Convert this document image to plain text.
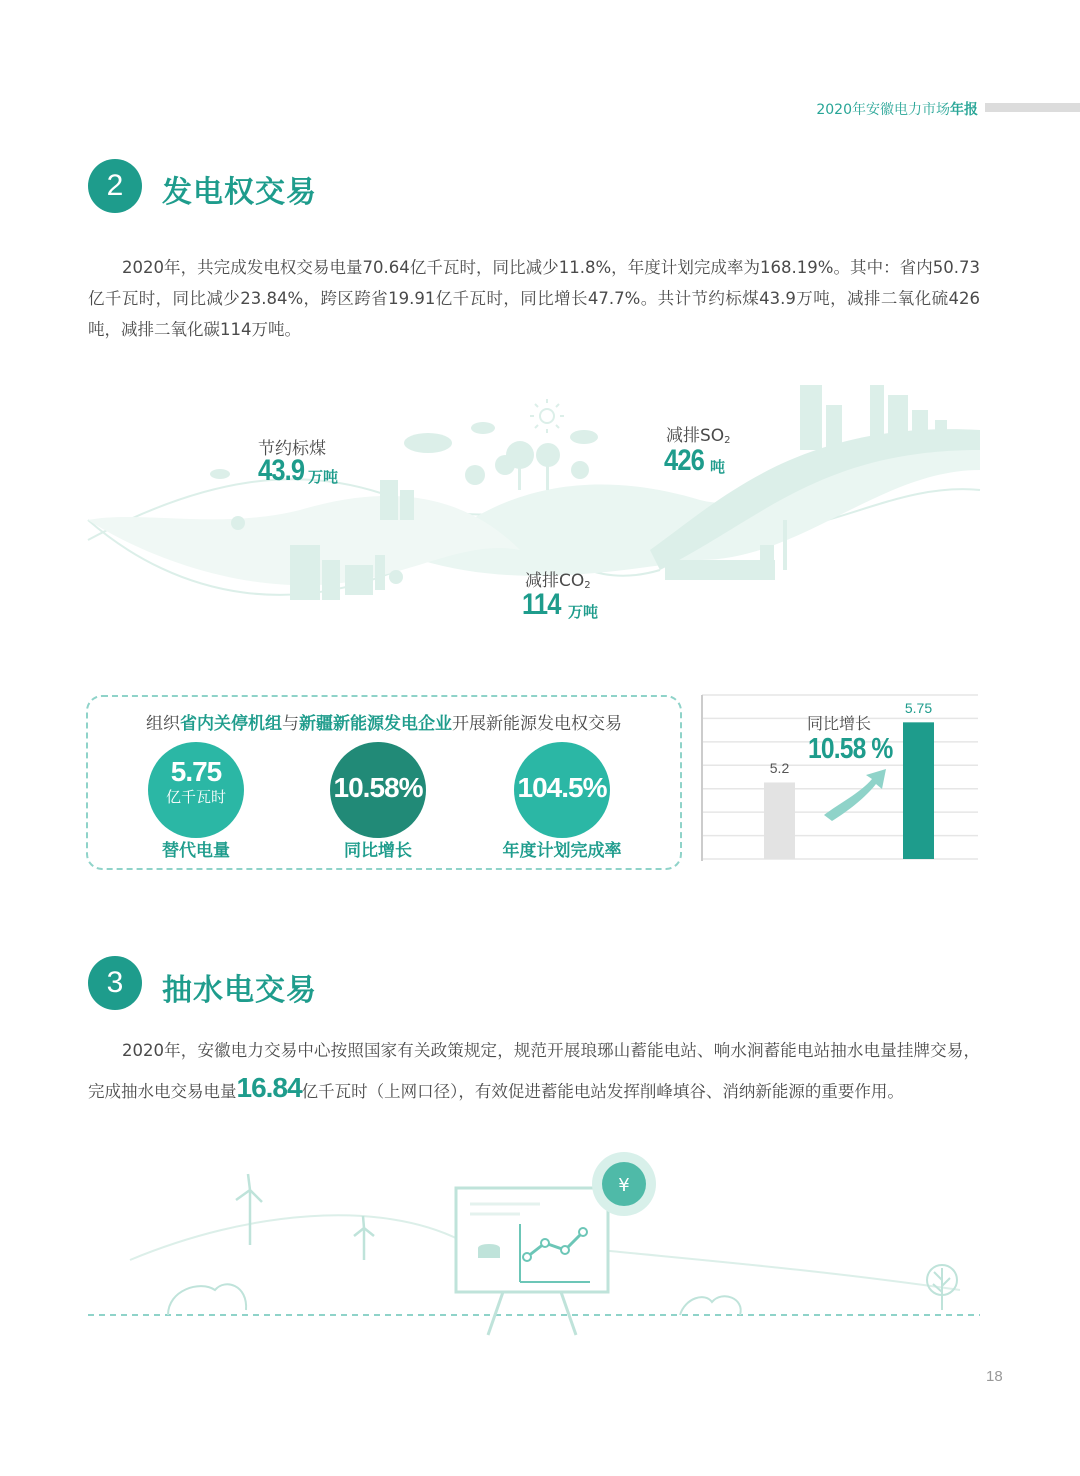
2020年安徽电力市场年报
2	发电权交易

2020年，共完成发电权交易电量70.64亿千瓦时，同比减少11.8%，年度计划完成率为168.19%。其中：省内50.73亿千瓦时，同比减少23.84%，跨区跨省19.91亿千瓦时，同比增长47.7%。共计节约标煤43.9万吨，减排二氧化硫426吨，减排二氧化碳114万吨。

节约标煤
43.9 万吨
减排$SO_2$
426 吨
减排$CO_2$
114 万吨
组织省内关停机组与新疆新能源发电企业开展新能源发电权交易
5.75
亿千瓦时	10.58%	104.5%
替代电量	同比增长	年度计划完成率
同比增长
10.58 %
5.2
5.75
3	抽水电交易

2020年，安徽电力交易中心按照国家有关政策规定，规范开展琅琊山蓄能电站、响水涧蓄能电站抽水电量挂牌交易，完成抽水电交易电量16.84亿千瓦时（上网口径），有效促进蓄能电站发挥削峰填谷、消纳新能源的重要作用。

¥
18
